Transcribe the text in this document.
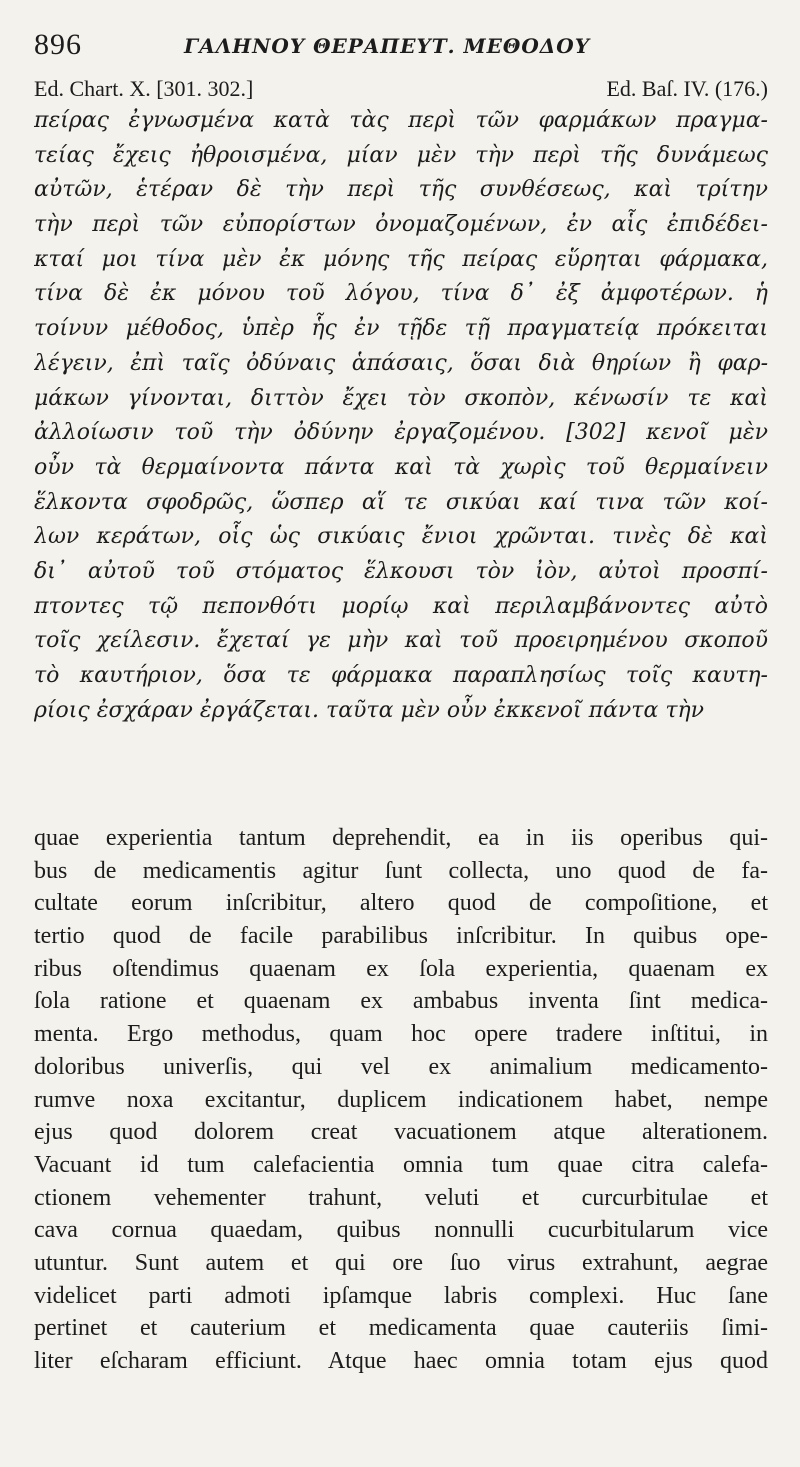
896	ΓΑΛΗΝΟΥ ΘΕΡΑΠΕΥΤ. ΜΕΘΟΔΟΥ
Ed. Chart. X. [301. 302.]	Ed. Baſ. IV. (176.)
πείρας ἐγνωσμένα κατὰ τὰς περὶ τῶν φαρμάκων πραγμα-
τείας ἔχεις ἠθροισμένα, μίαν μὲν τὴν περὶ τῆς δυνάμεως
αὐτῶν, ἑτέραν δὲ τὴν περὶ τῆς συνθέσεως, καὶ τρίτην
τὴν περὶ τῶν εὐπορίστων ὀνομαζομένων, ἐν αἷς ἐπιδέδει-
κταί μοι τίνα μὲν ἐκ μόνης τῆς πείρας εὕρηται φάρμακα,
τίνα δὲ ἐκ μόνου τοῦ λόγου, τίνα δ᾽ ἐξ ἀμφοτέρων. ἡ
τοίνυν μέθοδος, ὑπὲρ ἧς ἐν τῇδε τῇ πραγματείᾳ πρόκειται
λέγειν, ἐπὶ ταῖς ὀδύναις ἁπάσαις, ὅσαι διὰ θηρίων ἢ φαρ-
μάκων γίνονται, διττὸν ἔχει τὸν σκοπὸν, κένωσίν τε καὶ
ἀλλοίωσιν τοῦ τὴν ὀδύνην ἐργαζομένου. [302] κενοῖ μὲν
οὖν τὰ θερμαίνοντα πάντα καὶ τὰ χωρὶς τοῦ θερμαίνειν
ἕλκοντα σφοδρῶς, ὥσπερ αἵ τε σικύαι καί τινα τῶν κοί-
λων κεράτων, οἷς ὡς σικύαις ἔνιοι χρῶνται. τινὲς δὲ καὶ
δι᾽ αὐτοῦ τοῦ στόματος ἕλκουσι τὸν ἰὸν, αὐτοὶ προσπί-
πτοντες τῷ πεπονθότι μορίῳ καὶ περιλαμβάνοντες αὐτὸ
τοῖς χείλεσιν. ἔχεταί γε μὴν καὶ τοῦ προειρημένου σκοποῦ
τὸ καυτήριον, ὅσα τε φάρμακα παραπλησίως τοῖς καυτη-
ρίοις ἐσχάραν ἐργάζεται. ταῦτα μὲν οὖν ἐκκενοῖ πάντα τὴν
quae experientia tantum deprehendit, ea in iis operibus qui-
bus de medicamentis agitur ſunt collecta, uno quod de fa-
cultate eorum inſcribitur, altero quod de compoſitione, et
tertio quod de facile parabilibus inſcribitur. In quibus ope-
ribus oſtendimus quaenam ex ſola experientia, quaenam ex
ſola ratione et quaenam ex ambabus inventa ſint medica-
menta. Ergo methodus, quam hoc opere tradere inſtitui, in
doloribus univerſis, qui vel ex animalium medicamento-
rumve noxa excitantur, duplicem indicationem habet, nempe
ejus quod dolorem creat vacuationem atque alterationem.
Vacuant id tum calefacientia omnia tum quae citra calefa-
ctionem vehementer trahunt, veluti et curcurbitulae et
cava cornua quaedam, quibus nonnulli cucurbitularum vice
utuntur. Sunt autem et qui ore ſuo virus extrahunt, aegrae
videlicet parti admoti ipſamque labris complexi. Huc ſane
pertinet et cauterium et medicamenta quae cauteriis ſimi-
liter eſcharam efficiunt. Atque haec omnia totam ejus quod
